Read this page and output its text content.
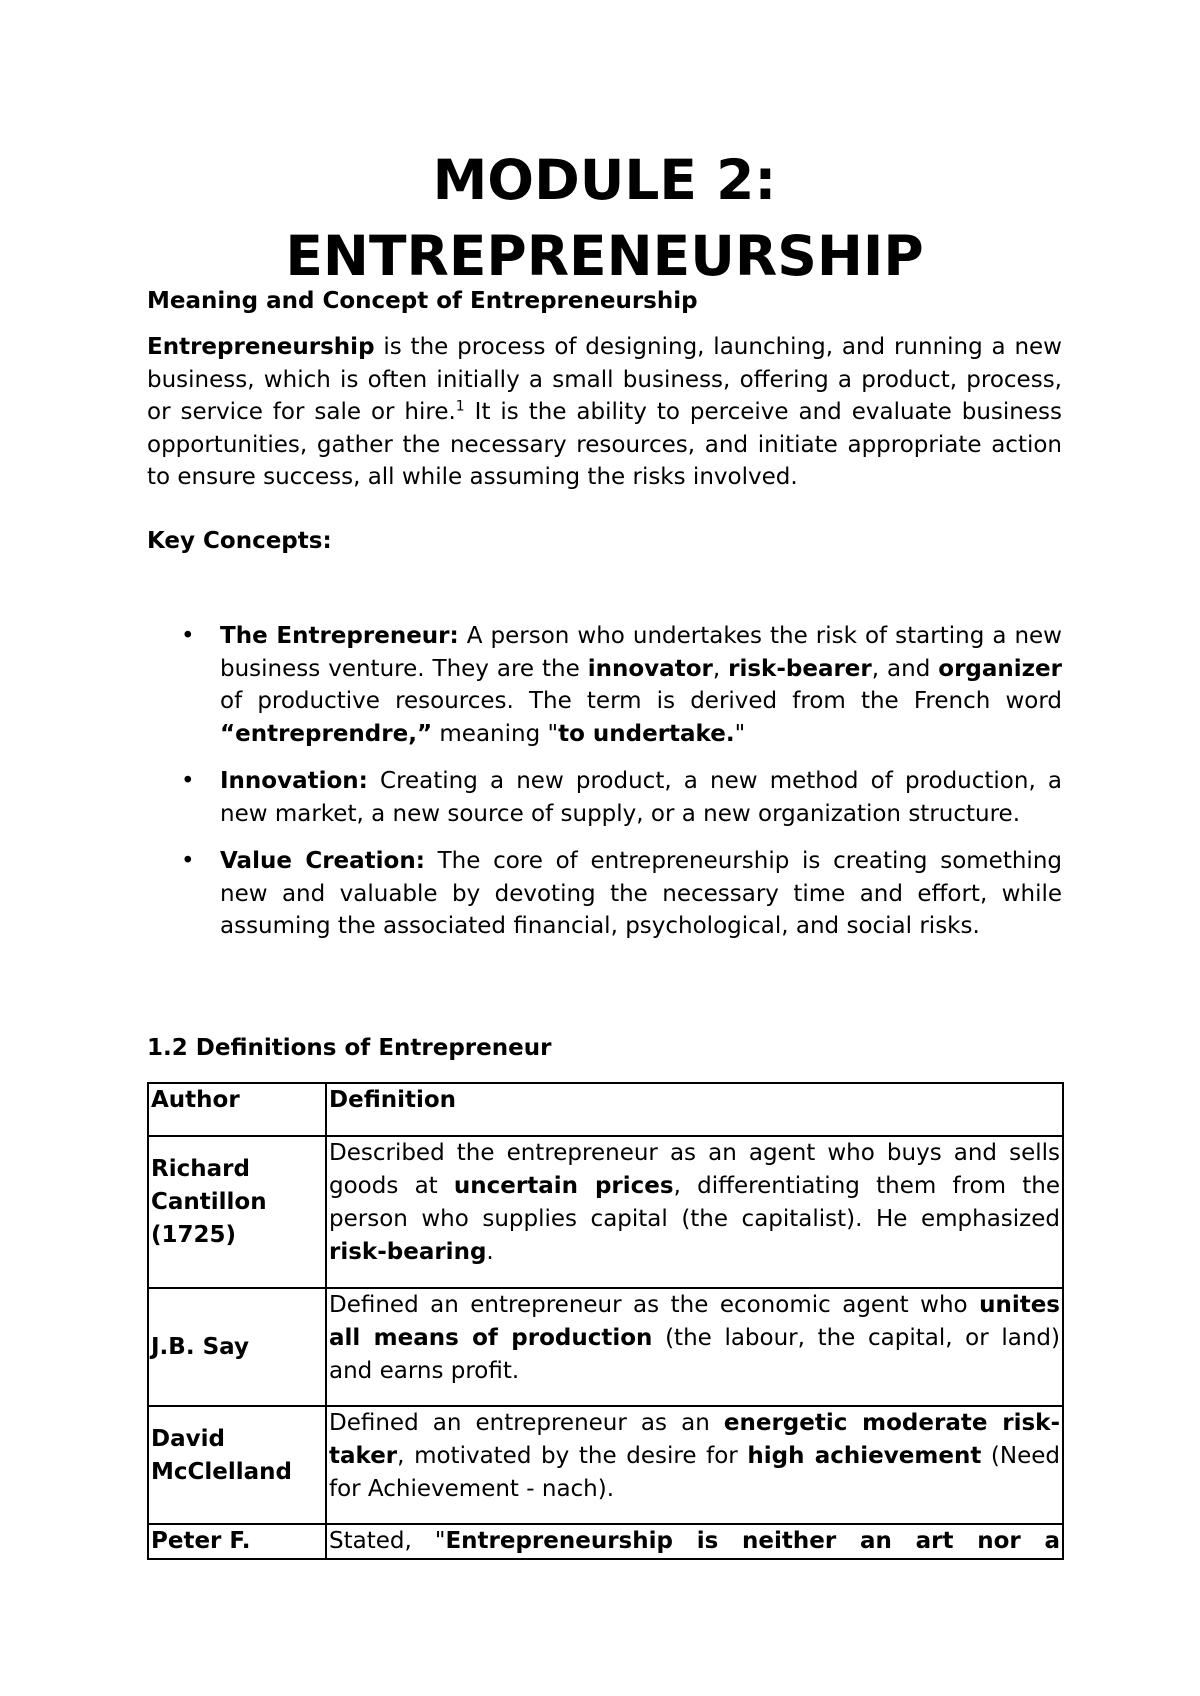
MODULE 2:
ENTREPRENEURSHIP
Meaning and Concept of Entrepreneurship

Entrepreneurship is the process of designing, launching, and running a new business, which is often initially a small business, offering a product, process, or service for sale or hire.$^1$ It is the ability to perceive and evaluate business opportunities, gather the necessary resources, and initiate appropriate action to ensure success, all while assuming the risks involved.

Key Concepts:
• The Entrepreneur: A person who undertakes the risk of starting a new business venture. They are the innovator, risk-bearer, and organizer of productive resources. The term is derived from the French word “entreprendre,” meaning "to undertake."
• Innovation: Creating a new product, a new method of production, a new market, a new source of supply, or a new organization structure.
• Value Creation: The core of entrepreneurship is creating something new and valuable by devoting the necessary time and effort, while assuming the associated financial, psychological, and social risks.
1.2 Definitions of Entrepreneur
Author	Definition
Richard Cantillon (1725)	Described the entrepreneur as an agent who buys and sells goods at uncertain prices, differentiating them from the person who supplies capital (the capitalist). He emphasized risk-bearing.
J.B. Say	Defined an entrepreneur as the economic agent who unites all means of production (the labour, the capital, or land) and earns profit.
David McClelland	Defined an entrepreneur as an energetic moderate risk-taker, motivated by the desire for high achievement (Need for Achievement - nach).
Peter F.	Stated, "Entrepreneurship is neither an art nor a
